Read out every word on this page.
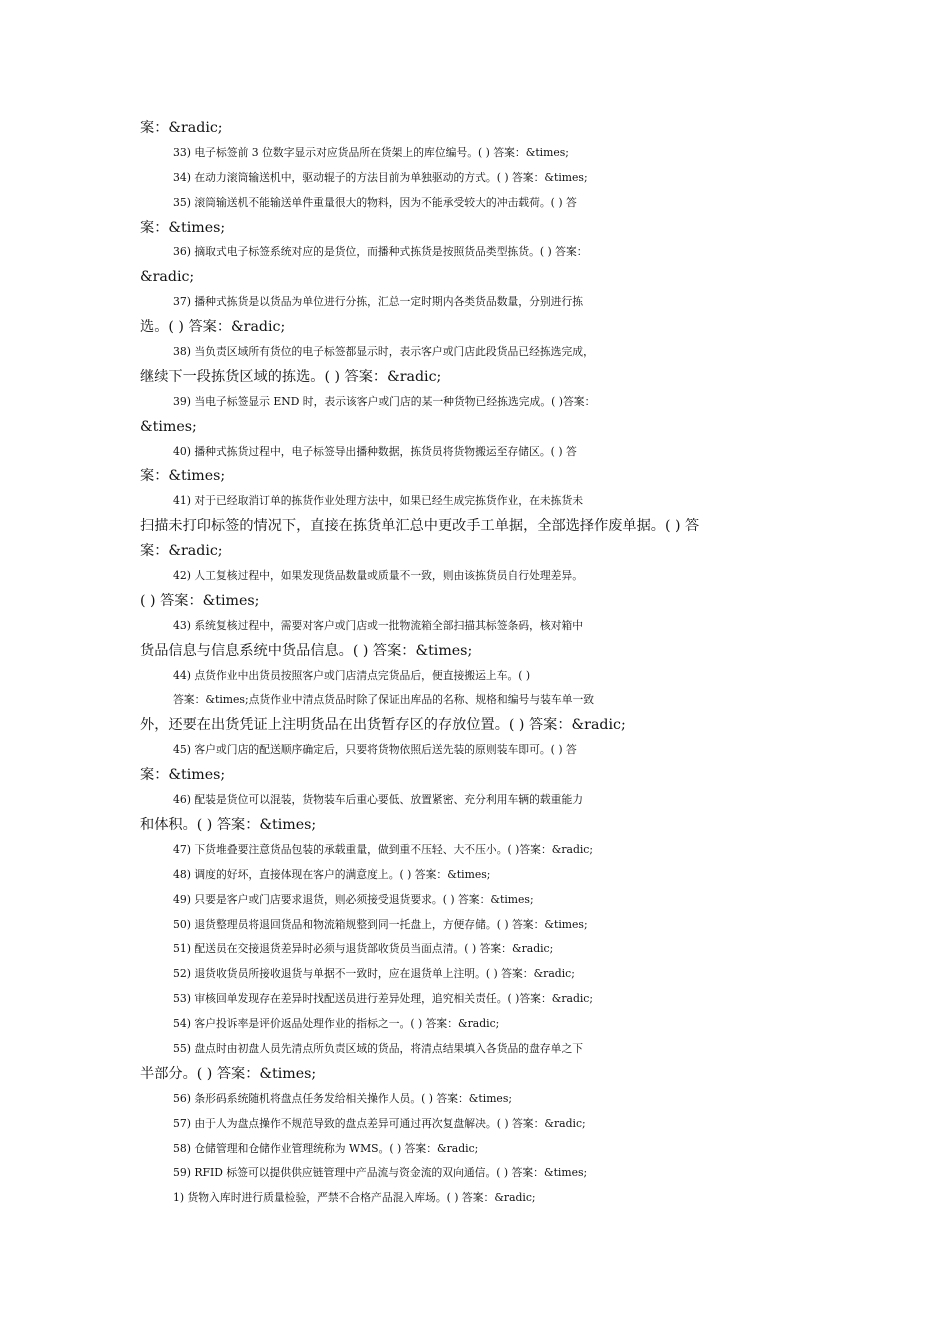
案：&radic;
33) 电子标签前 3 位数字显示对应货品所在货架上的库位编号。( ) 答案：&times;
34) 在动力滚筒输送机中，驱动辊子的方法目前为单独驱动的方式。( ) 答案：&times;
35) 滚筒输送机不能输送单件重量很大的物料，因为不能承受较大的冲击载荷。( ) 答
案：&times;
36) 摘取式电子标签系统对应的是货位，而播种式拣货是按照货品类型拣货。( ) 答案：
&radic;
37) 播种式拣货是以货品为单位进行分拣，汇总一定时期内各类货品数量，分别进行拣
选。( ) 答案：&radic;
38) 当负责区域所有货位的电子标签都显示时，表示客户或门店此段货品已经拣选完成，
继续下一段拣货区域的拣选。( ) 答案：&radic;
39) 当电子标签显示 END 时，表示该客户或门店的某一种货物已经拣选完成。( )答案：
&times;
40) 播种式拣货过程中，电子标签导出播种数据，拣货员将货物搬运至存储区。( ) 答
案：&times;
41) 对于已经取消订单的拣货作业处理方法中，如果已经生成完拣货作业，在未拣货未
扫描未打印标签的情况下，直接在拣货单汇总中更改手工单据，全部选择作废单据。( ) 答
案：&radic;
42) 人工复核过程中，如果发现货品数量或质量不一致，则由该拣货员自行处理差异。
( ) 答案：&times;
43) 系统复核过程中，需要对客户或门店或一批物流箱全部扫描其标签条码，核对箱中
货品信息与信息系统中货品信息。( ) 答案：&times;
44) 点货作业中出货员按照客户或门店清点完货品后，便直接搬运上车。( )
答案：&times;点货作业中清点货品时除了保证出库品的名称、规格和编号与装车单一致
外，还要在出货凭证上注明货品在出货暂存区的存放位置。( ) 答案：&radic;
45) 客户或门店的配送顺序确定后，只要将货物依照后送先装的原则装车即可。( ) 答
案：&times;
46) 配装是货位可以混装，货物装车后重心要低、放置紧密、充分利用车辆的载重能力
和体积。( ) 答案：&times;
47) 下货堆叠要注意货品包装的承载重量，做到重不压轻、大不压小。( )答案：&radic;
48) 调度的好坏，直接体现在客户的满意度上。( ) 答案：&times;
49) 只要是客户或门店要求退货，则必须接受退货要求。( ) 答案：&times;
50) 退货整理员将退回货品和物流箱规整到同一托盘上，方便存储。( ) 答案：&times;
51) 配送员在交接退货差异时必须与退货部收货员当面点清。( ) 答案：&radic;
52) 退货收货员所接收退货与单据不一致时，应在退货单上注明。( ) 答案：&radic;
53) 审核回单发现存在差异时找配送员进行差异处理，追究相关责任。( )答案：&radic;
54) 客户投诉率是评价返品处理作业的指标之一。( ) 答案：&radic;
55) 盘点时由初盘人员先清点所负责区域的货品，将清点结果填入各货品的盘存单之下
半部分。( ) 答案：&times;
56) 条形码系统随机将盘点任务发给相关操作人员。( ) 答案：&times;
57) 由于人为盘点操作不规范导致的盘点差异可通过再次复盘解决。( ) 答案：&radic;
58) 仓储管理和仓储作业管理统称为 WMS。( ) 答案：&radic;
59) RFID 标签可以提供供应链管理中产品流与资金流的双向通信。( ) 答案：&times;
1) 货物入库时进行质量检验，严禁不合格产品混入库场。( ) 答案：&radic;
